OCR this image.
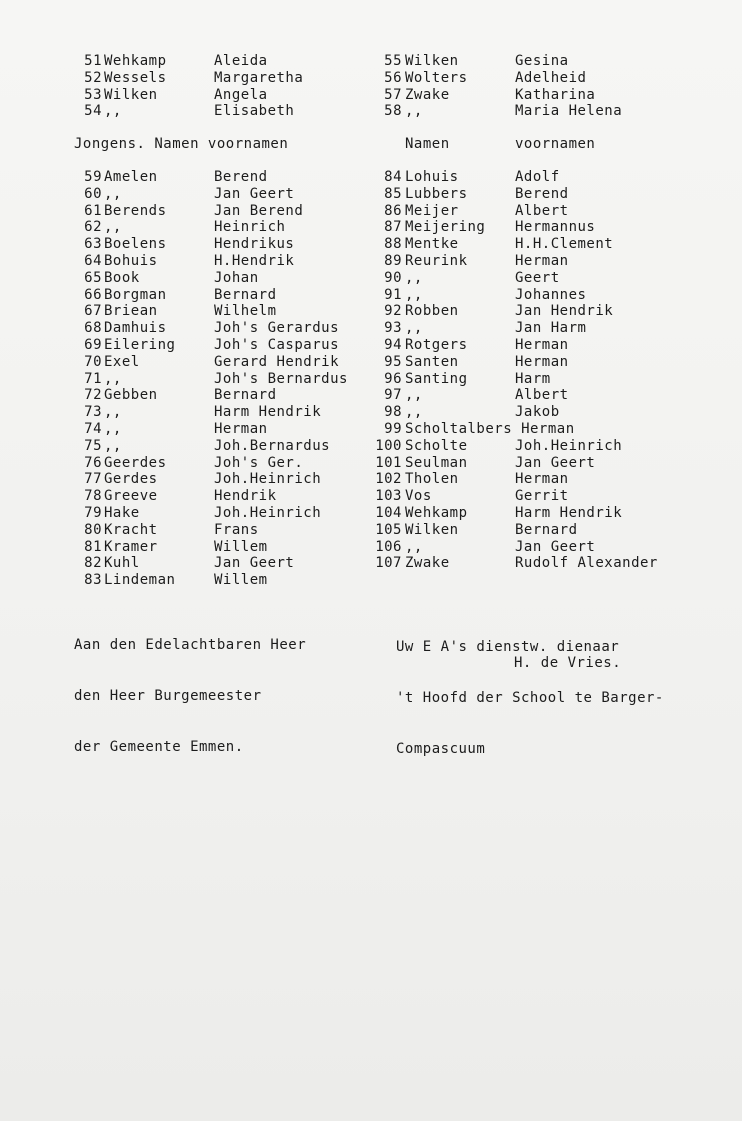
51 Wehkamp	Aleida	55 Wilken	Gesina
52 Wessels	Margaretha	56 Wolters	Adelheid
53 Wilken	Angela	57 Zwake	Katharina
54 ,,	Elisabeth	58 ,,	Maria Helena

Jongens. Namen voornamen

	Namen

	voornamen

59 Amelen	Berend	84 Lohuis	Adolf
60 ,,	Jan Geert	85 Lubbers	Berend
61 Berends	Jan Berend	86 Meijer	Albert
62 ,,	Heinrich	87 Meijering Hermannus
63 Boelens	Hendrikus	88 Mentke	H.H.Clement
64 Bohuis	H.Hendrik	89 Reurink	Herman
65 Book	Johan	90 ,,	Geert
66 Borgman	Bernard	91 ,,	Johannes
67 Briean	Wilhelm	92 Robben	Jan Hendrik
68 Damhuis	Joh's Gerardus	93 ,,	Jan Harm
69 Eilering	Joh's Casparus	94 Rotgers	Herman
70 Exel	Gerard Hendrik	95 Santen	Herman
71 ,,	Joh's Bernardus	96 Santing	Harm
72 Gebben	Bernard	97 ,,	Albert
73 ,,	Harm Hendrik	98 ,,	Jakob
74 ,,	Herman	99 Scholtalbers Herman
75 ,,	Joh.Bernardus	100 Scholte	Joh.Heinrich
76 Geerdes	Joh's Ger.	101 Seulman	Jan Geert
77 Gerdes	Joh.Heinrich	102 Tholen	Herman
78 Greeve	Hendrik	103 Vos	Gerrit
79 Hake	Joh.Heinrich	104 Wehkamp	Harm Hendrik
80 Kracht	Frans	105 Wilken	Bernard
81 Kramer	Willem	106 ,,	Jan Geert
82 Kuhl	Jan Geert	107 Zwake	Rudolf Alexander
83 Lindeman	Willem

Aan den Edelachtbaren Heer

den Heer Burgemeester

der Gemeente Emmen.

Uw E A's dienstw. dienaar

't Hoofd der School te Barger-

Compascuum

H. de Vries.
